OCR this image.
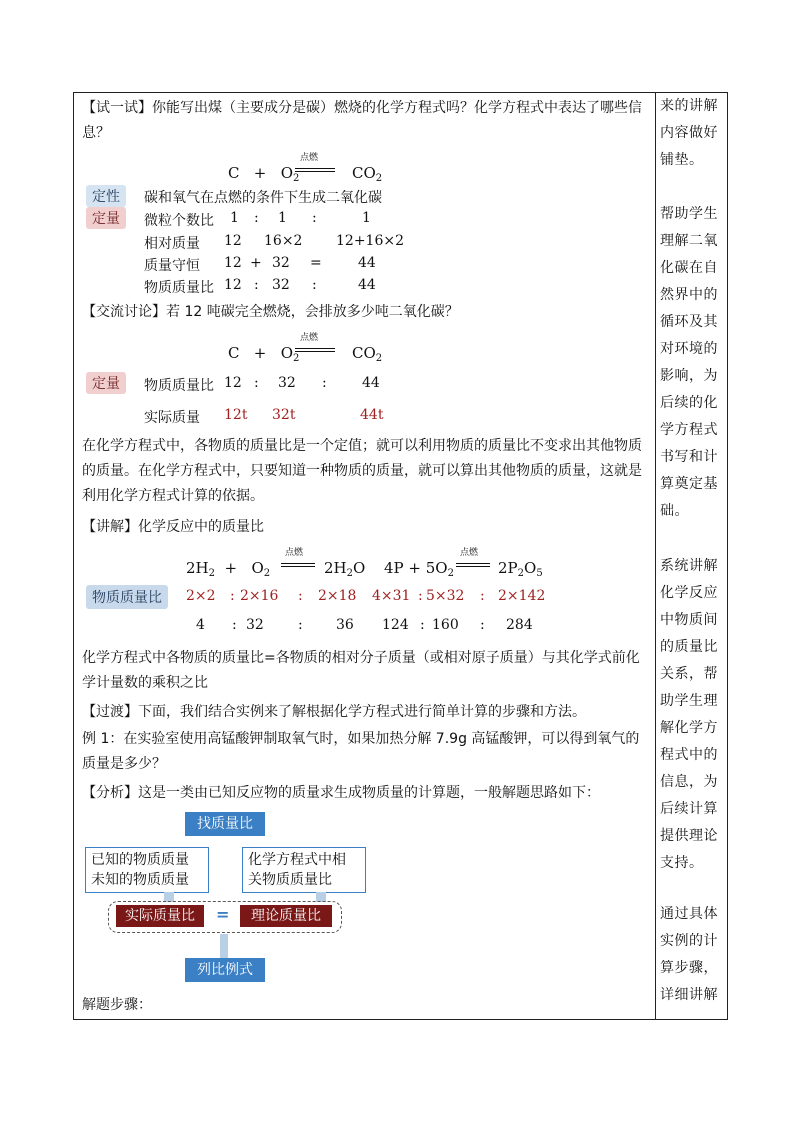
【试一试】你能写出煤（主要成分是碳）燃烧的化学方程式吗？化学方程式中表达了哪些信息？
$C + O_2$
点燃
$CO_2$
定性	碳和氧气在点燃的条件下生成二氧化碳
定量	微粒个数比 1 : 1 :	1
相对质量 12 16×2 12+16×2
质量守恒 12 + 32 =	44
物质质量比 12 : 32 :	44
【交流讨论】若 12 吨碳完全燃烧，会排放多少吨二氧化碳？
$C + O_2$
点燃
$CO_2$
定量	物质质量比 12 : 32 :	44
实际质量 12t 32t	44t
在化学方程式中，各物质的质量比是一个定值；就可以利用物质的质量比不变求出其他物质的质量。在化学方程式中，只要知道一种物质的质量，就可以算出其他物质的质量，这就是利用化学方程式计算的依据。
【讲解】化学反应中的质量比
$2H_2 + O_2$
点燃
$2H_2O$ $4P + 5O_2$
点燃
$2P_2O_5$
物质质量比	2×2 : 2×16 : 2×18 4×31 : 5×32 : 2×142
4 : 32 : 36 124 : 160 : 284
化学方程式中各物质的质量比=各物质的相对分子质量（或相对原子质量）与其化学式前化学计量数的乘积之比
【过渡】下面，我们结合实例来了解根据化学方程式进行简单计算的步骤和方法。
例 1：在实验室使用高锰酸钾制取氧气时，如果加热分解 7.9g 高锰酸钾，可以得到氧气的质量是多少？
【分析】这是一类由已知反应物的质量求生成物质量的计算题，一般解题思路如下：
找质量比
已知的物质质量
未知的物质质量
化学方程式中相
关物质质量比
实际质量比	=	理论质量比
列比例式
解题步骤：

来的讲解

内容做好

铺垫。

帮助学生

理解二氧

化碳在自

然界中的

循环及其

对环境的

影响，为

后续的化

学方程式

书写和计

算奠定基

础。

系统讲解

化学反应

中物质间

的质量比

关系，帮

助学生理

解化学方

程式中的

信息，为

后续计算

提供理论

支持。

通过具体

实例的计

算步骤，

详细讲解
